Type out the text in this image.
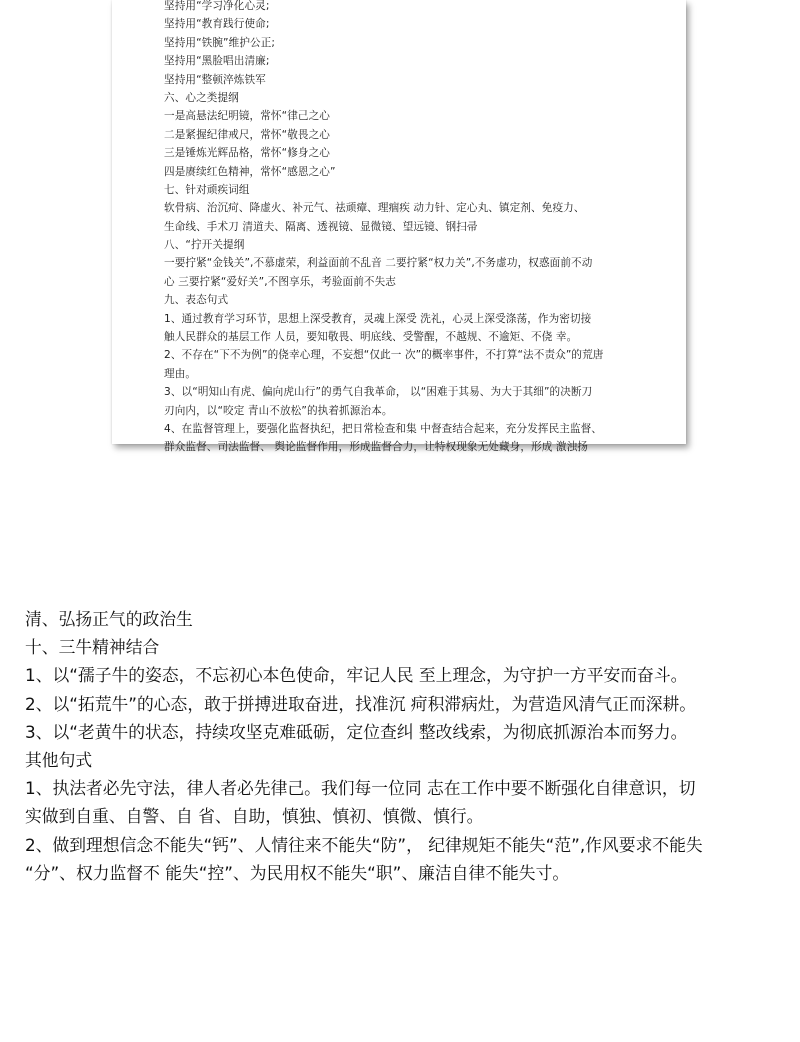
坚持用“学习净化心灵;
坚持用“教育践行使命;
坚持用“铁腕”维护公正;
坚持用“黑脸唱出清廉;
坚持用“整顿淬炼铁军
六、心之类提纲
一是高悬法纪明镜，常怀“律己之心
二是紧握纪律戒尺，常怀“敬畏之心
三是锤炼光辉品格，常怀“修身之心
四是赓续红色精神，常怀“感恩之心”
七、针对顽疾词组
软骨病、治沉疴、降虚火、补元气、祛顽瘴、理痼疾 动力针、定心丸、镇定剂、免疫力、
生命线、手术刀 清道夫、隔离、透视镜、显微镜、望远镜、钢扫帚
八、“拧开关提纲
一要拧紧“金钱关”,不慕虚荣，利益面前不乱音 二要拧紧“权力关”,不务虚功，权惑面前不动
心 三要拧紧“爱好关”,不图享乐，考验面前不失志
九、表态句式
1、通过教育学习环节，思想上深受教育，灵魂上深受 洗礼，心灵上深受涤荡，作为密切接
触人民群众的基层工作 人员，要知敬畏、明底线、受警醒，不越规、不逾矩、不侥 幸。
2、不存在“下不为例”的侥幸心理，不妄想“仅此一 次”的概率事件，不打算“法不责众”的荒唐
理由。
3、以“明知山有虎、偏向虎山行”的勇气自我革命， 以“困难于其易、为大于其细”的决断刀
刃向内，以“咬定 青山不放松”的执着抓源治本。
4、在监督管理上，要强化监督执纪，把日常检查和集 中督查结合起来，充分发挥民主监督、
群众监督、司法监督、 舆论监督作用，形成监督合力，让特权现象无处藏身，形成 激浊扬
清、弘扬正气的政治生
十、三牛精神结合
1、以“孺子牛的姿态，不忘初心本色使命，牢记人民 至上理念，为守护一方平安而奋斗。
2、以“拓荒牛”的心态，敢于拼搏进取奋进，找准沉 疴积滞病灶，为营造风清气正而深耕。
3、以“老黄牛的状态，持续攻坚克难砥砺，定位查纠 整改线索，为彻底抓源治本而努力。
其他句式
1、执法者必先守法，律人者必先律己。我们每一位同 志在工作中要不断强化自律意识，切
实做到自重、自警、自 省、自助，慎独、慎初、慎微、慎行。
2、做到理想信念不能失“钙”、人情往来不能失“防”， 纪律规矩不能失“范”,作风要求不能失
“分”、权力监督不 能失“控”、为民用权不能失“职”、廉洁自律不能失寸。
